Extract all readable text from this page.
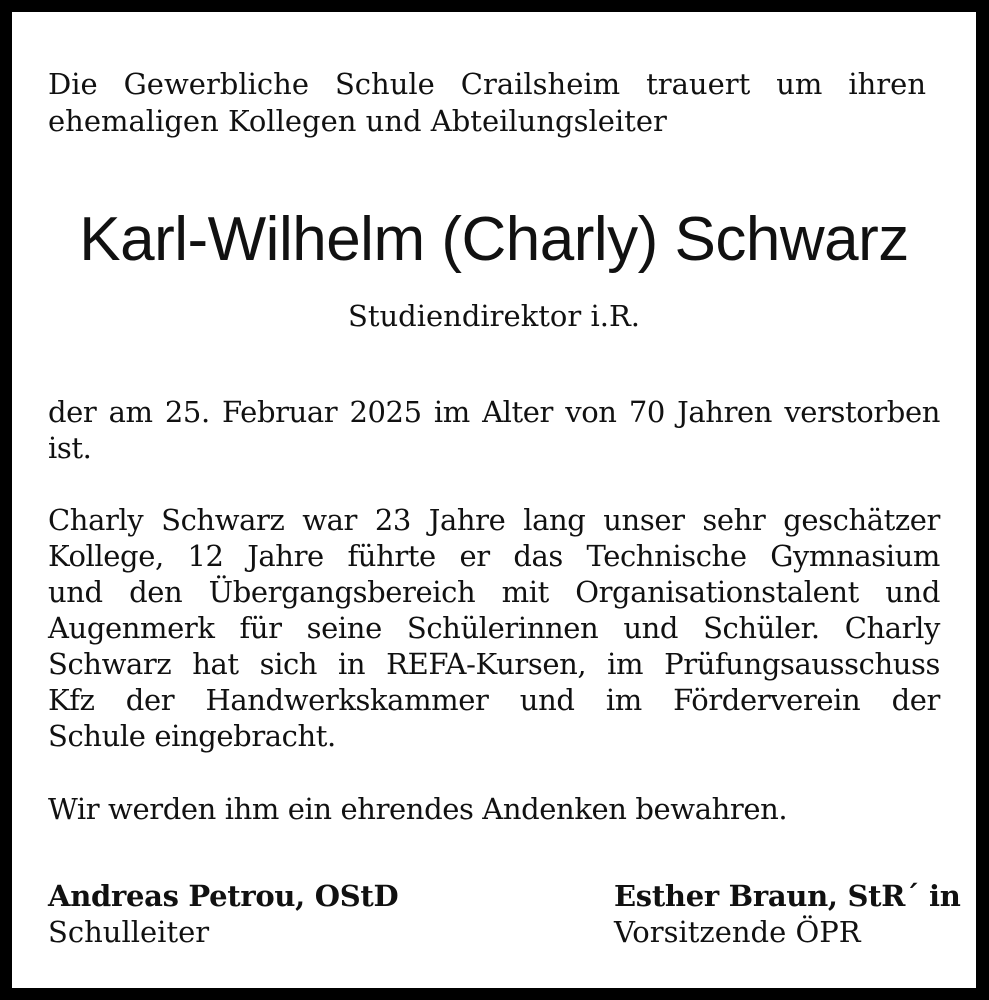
Die Gewerbliche Schule Crailsheim trauert um ihren
ehemaligen Kollegen und Abteilungsleiter
Karl-Wilhelm (Charly) Schwarz
Studiendirektor i.R.
der am 25. Februar 2025 im Alter von 70 Jahren verstorben
ist.
Charly Schwarz war 23 Jahre lang unser sehr geschätzer
Kollege, 12 Jahre führte er das Technische Gymnasium
und den Übergangsbereich mit Organisationstalent und
Augenmerk für seine Schülerinnen und Schüler. Charly
Schwarz hat sich in REFA-Kursen, im Prüfungsausschuss
Kfz der Handwerkskammer und im Förderverein der
Schule eingebracht.
Wir werden ihm ein ehrendes Andenken bewahren.
Andreas Petrou, OStD
Schulleiter
Esther Braun, StR´ in
Vorsitzende ÖPR
